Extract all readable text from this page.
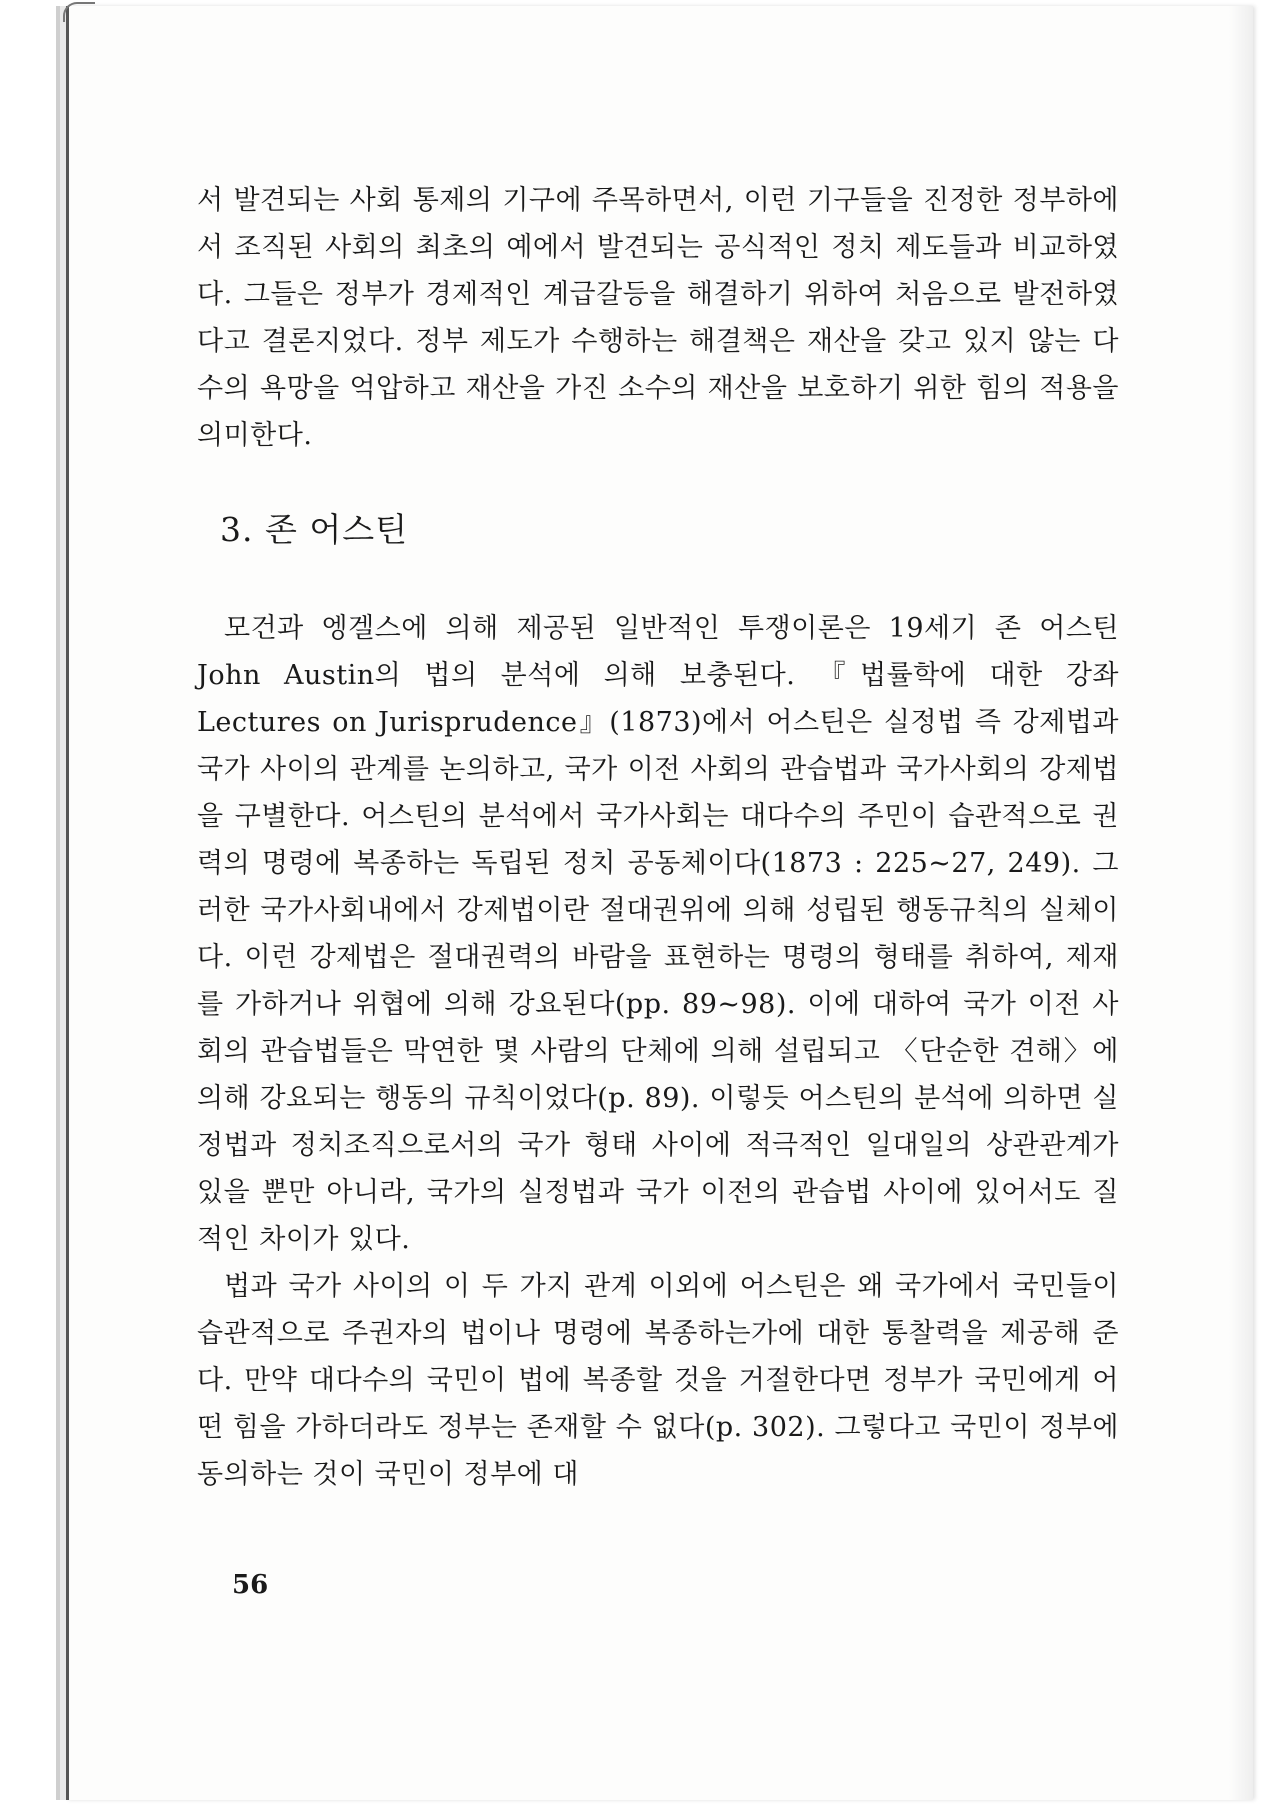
서 발견되는 사회 통제의 기구에 주목하면서, 이런 기구들을 진정한 정부하에서 조직된 사회의 최초의 예에서 발견되는 공식적인 정치 제도들과 비교하였다. 그들은 정부가 경제적인 계급갈등을 해결하기 위하여 처음으로 발전하였다고 결론지었다. 정부 제도가 수행하는 해결책은 재산을 갖고 있지 않는 다수의 욕망을 억압하고 재산을 가진 소수의 재산을 보호하기 위한 힘의 적용을 의미한다.

3. 존 어스틴

모건과 엥겔스에 의해 제공된 일반적인 투쟁이론은 19세기 존 어스틴 John Austin의 법의 분석에 의해 보충된다. 『법률학에 대한 강좌 Lectures on Jurisprudence』(1873)에서 어스틴은 실정법 즉 강제법과 국가 사이의 관계를 논의하고, 국가 이전 사회의 관습법과 국가사회의 강제법을 구별한다. 어스틴의 분석에서 국가사회는 대다수의 주민이 습관적으로 권력의 명령에 복종하는 독립된 정치 공동체이다(1873 : 225~27, 249). 그러한 국가사회내에서 강제법이란 절대권위에 의해 성립된 행동규칙의 실체이다. 이런 강제법은 절대권력의 바람을 표현하는 명령의 형태를 취하여, 제재를 가하거나 위협에 의해 강요된다(pp. 89~98). 이에 대하여 국가 이전 사회의 관습법들은 막연한 몇 사람의 단체에 의해 설립되고 〈단순한 견해〉에 의해 강요되는 행동의 규칙이었다(p. 89). 이렇듯 어스틴의 분석에 의하면 실정법과 정치조직으로서의 국가 형태 사이에 적극적인 일대일의 상관관계가 있을 뿐만 아니라, 국가의 실정법과 국가 이전의 관습법 사이에 있어서도 질적인 차이가 있다.

법과 국가 사이의 이 두 가지 관계 이외에 어스틴은 왜 국가에서 국민들이 습관적으로 주권자의 법이나 명령에 복종하는가에 대한 통찰력을 제공해 준다. 만약 대다수의 국민이 법에 복종할 것을 거절한다면 정부가 국민에게 어떤 힘을 가하더라도 정부는 존재할 수 없다(p. 302). 그렇다고 국민이 정부에 동의하는 것이 국민이 정부에 대

56
